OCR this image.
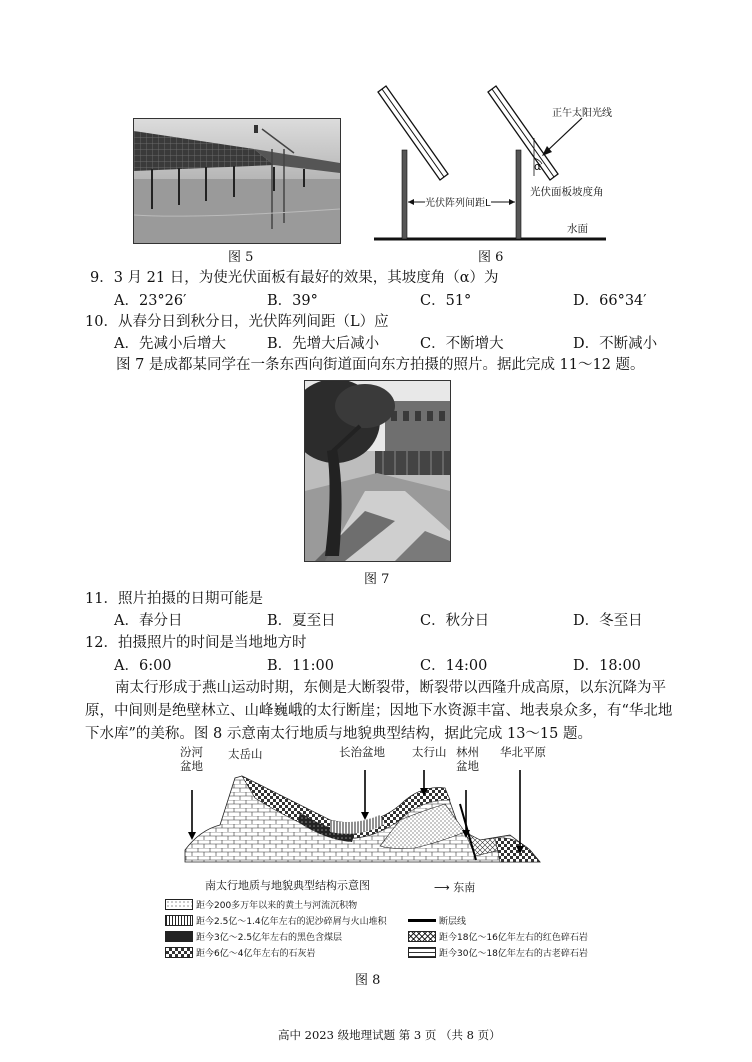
图 5
正午太阳光线
α
光伏面板坡度角
光伏阵列间距L
水面
图 6
9．3 月 21 日，为使光伏面板有最好的效果，其坡度角（α）为
A．23°26′	B．39°	C．51°	D．66°34′
10．从春分日到秋分日，光伏阵列间距（L）应
A．先减小后增大	B．先增大后减小	C．不断增大	D．不断减小
图 7 是成都某同学在一条东西向街道面向东方拍摄的照片。据此完成 11～12 题。
图 7
11．照片拍摄的日期可能是
A．春分日	B．夏至日	C．秋分日	D．冬至日
12．拍摄照片的时间是当地地方时
A．6:00	B．11:00	C．14:00	D．18:00
南太行形成于燕山运动时期，东侧是大断裂带，断裂带以西隆升成高原，以东沉降为平原，中间则是绝壁林立、山峰巍峨的太行断崖；因地下水资源丰富、地表泉众多，有“华北地下水库”的美称。图 8 示意南太行地质与地貌典型结构，据此完成 13～15 题。
汾河
盆地
太岳山	长治盆地 太行山 林州
盆地
华北平原
南太行地质与地貌典型结构示意图	⟶ 东南
距今200多万年以来的黄土与河流沉积物
距今2.5亿～1.4亿年左右的泥沙碎屑与火山堆积
距今3亿～2.5亿年左右的黑色含煤层
距今6亿～4亿年左右的石灰岩
断层线
距今18亿～16亿年左右的红色碎石岩
距今30亿～18亿年左右的古老碎石岩
图 8
高中 2023 级地理试题 第 3 页 （共 8 页）
